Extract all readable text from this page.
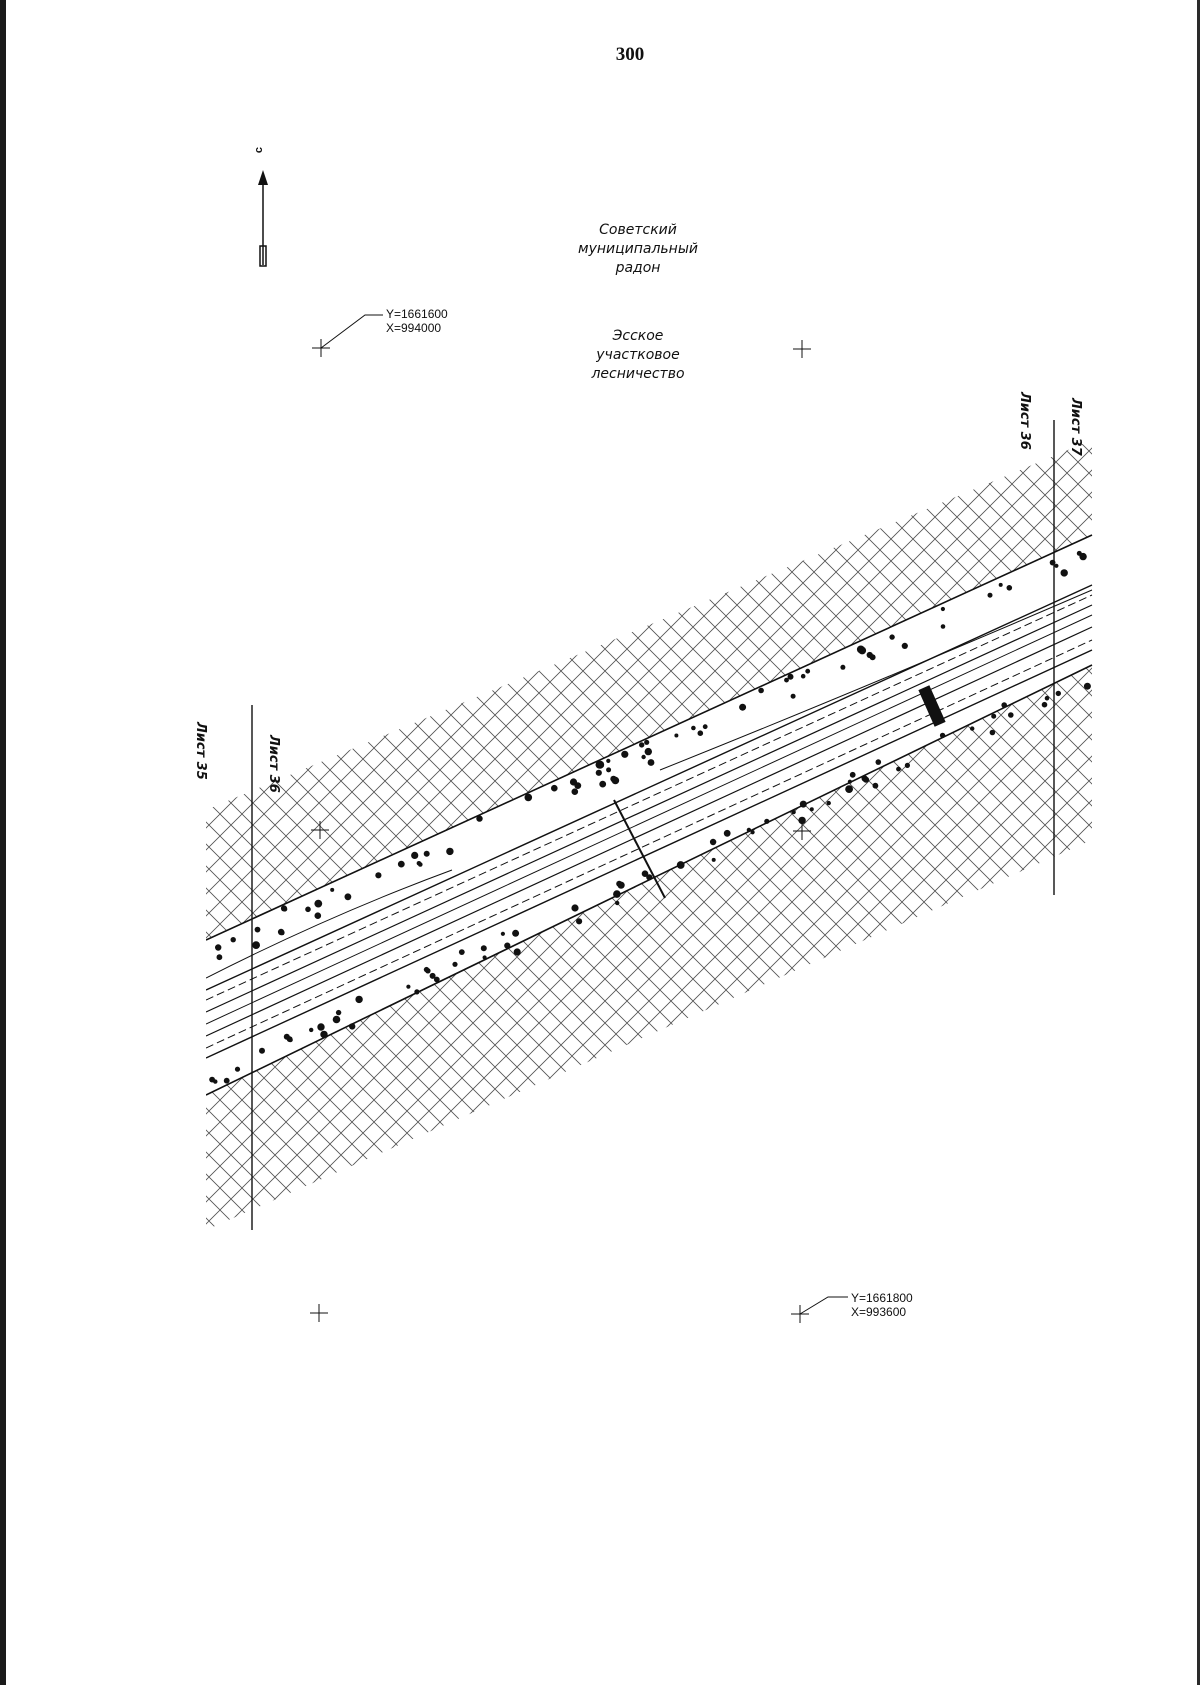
300
c
Советский
муниципальный
радон
Эсское
участковое
лесничество
Y=1661600
X=994000
Y=1661800
X=993600
Лист 35	Лист 36
Лист 36	Лист 37
